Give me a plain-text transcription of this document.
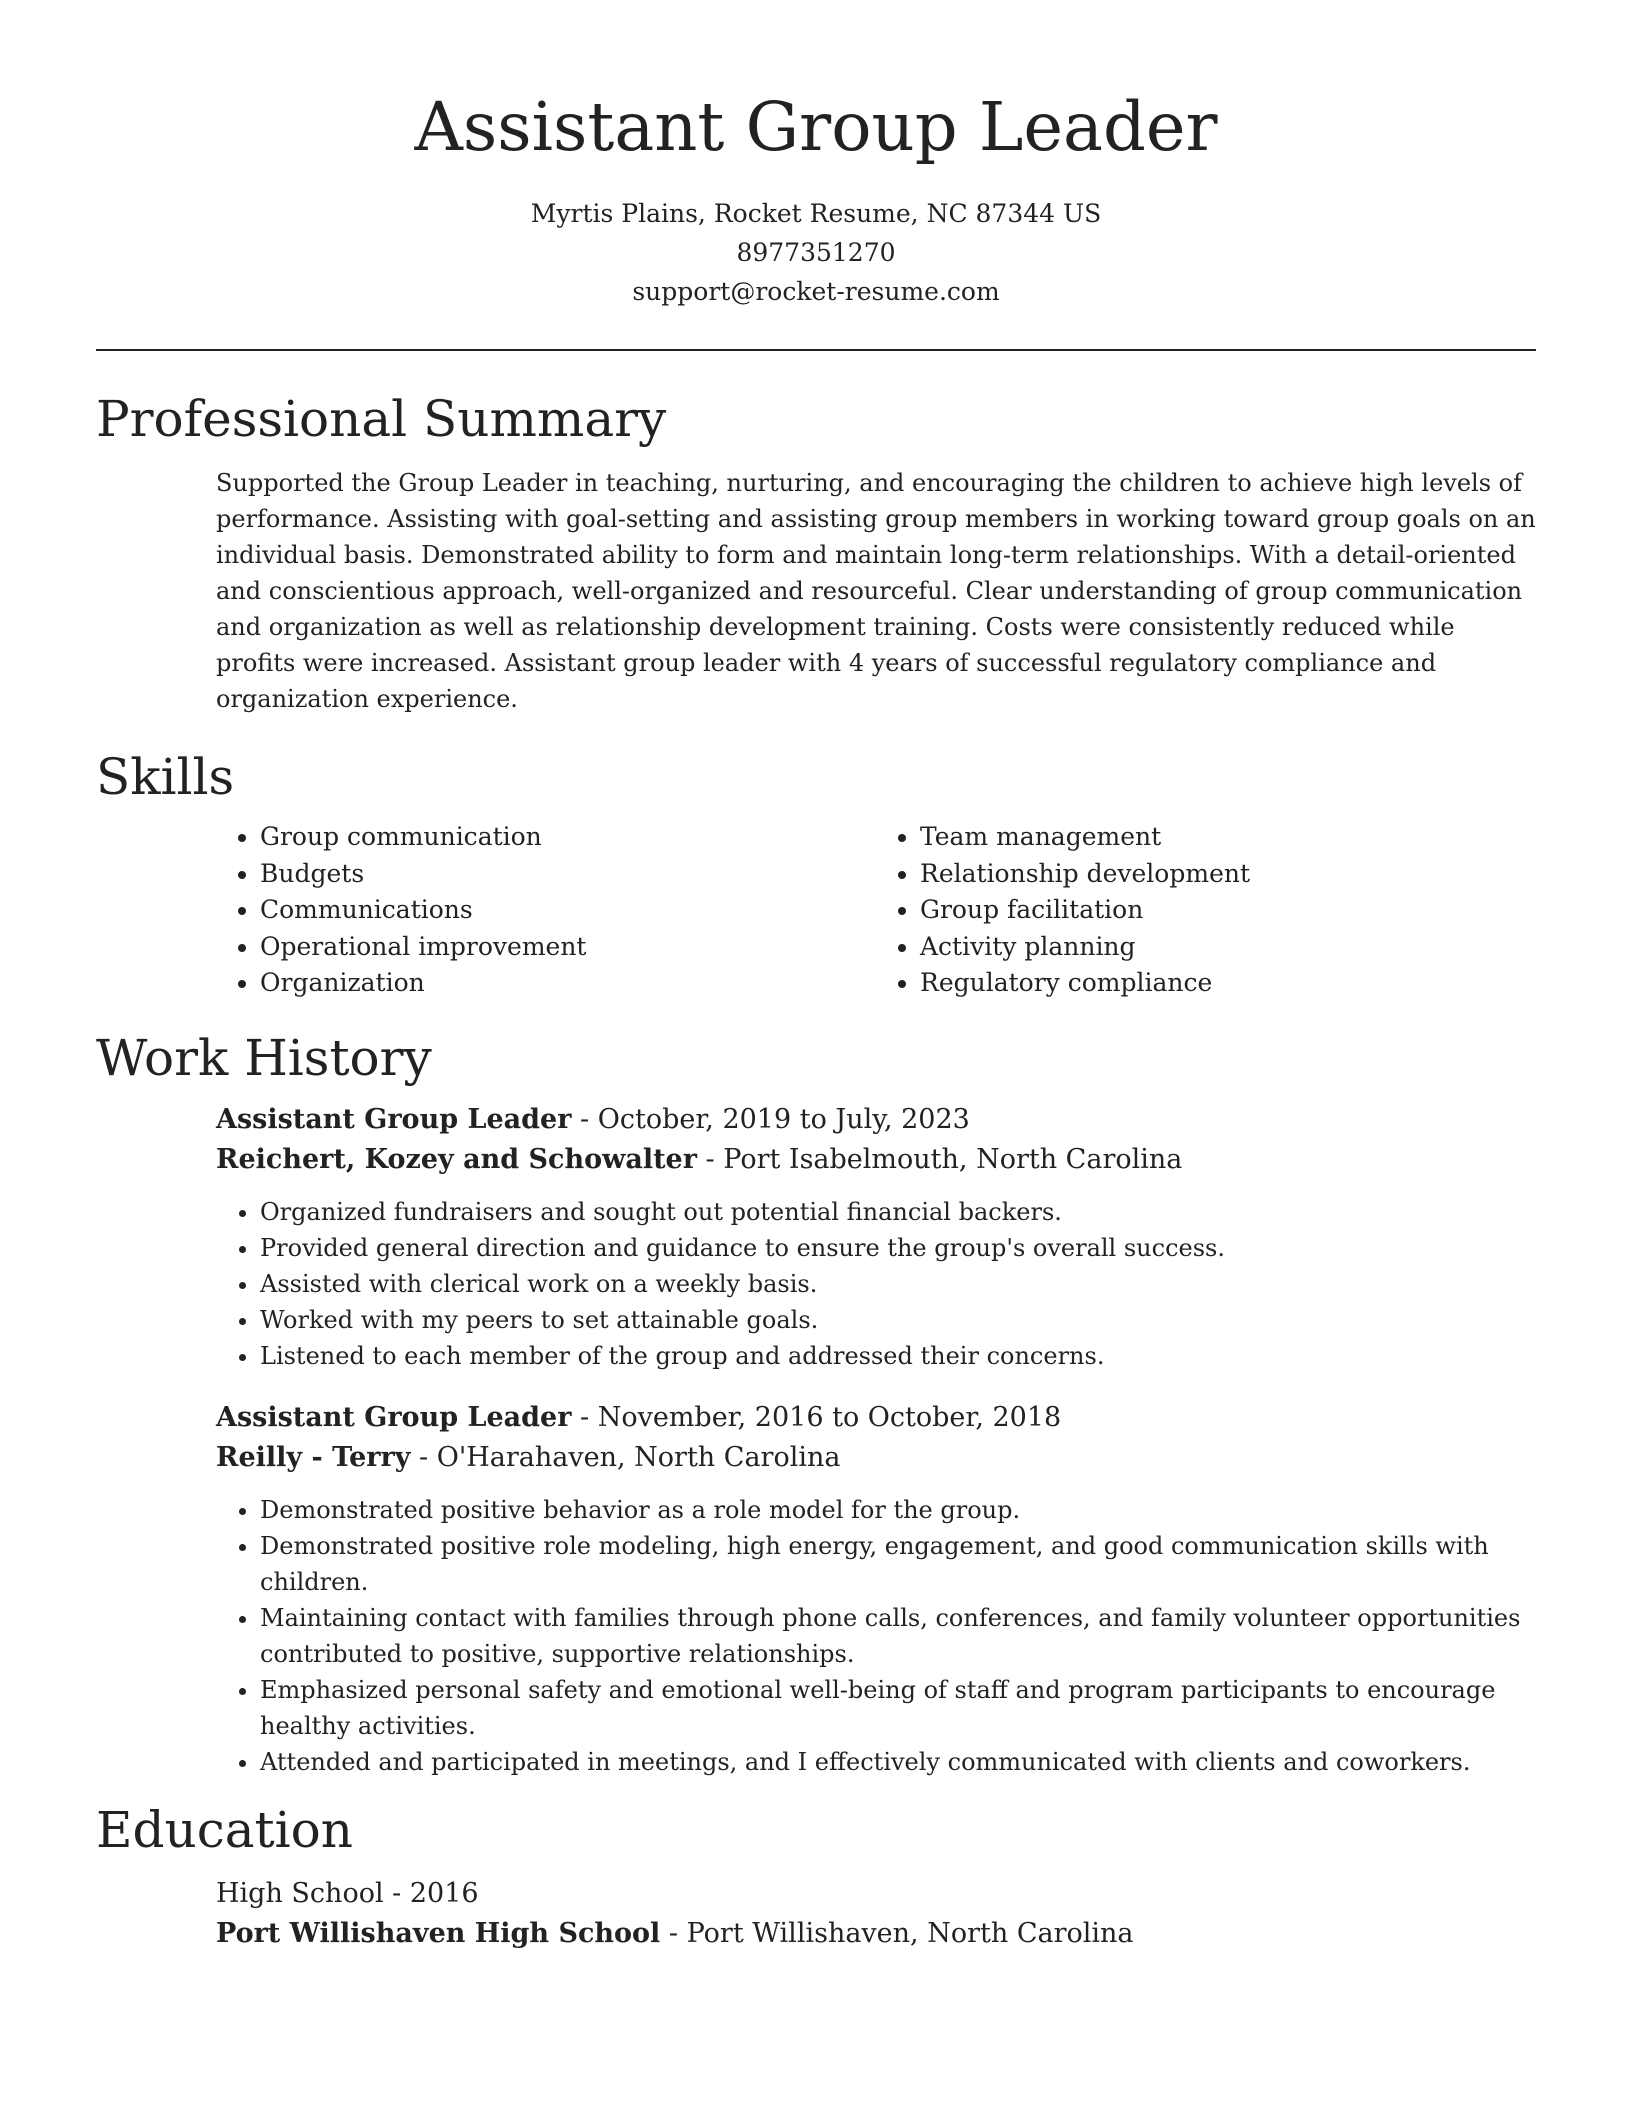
Assistant Group Leader
Myrtis Plains, Rocket Resume, NC 87344 US
8977351270
support@rocket-resume.com
Professional Summary

Supported the Group Leader in teaching, nurturing, and encouraging the children to achieve high levels of performance. Assisting with goal-setting and assisting group members in working toward group goals on an individual basis. Demonstrated ability to form and maintain long-term relationships. With a detail-oriented and conscientious approach, well-organized and resourceful. Clear understanding of group communication and organization as well as relationship development training. Costs were consistently reduced while profits were increased. Assistant group leader with 4 years of successful regulatory compliance and organization experience.

Skills
• Group communication
• Budgets
• Communications
• Operational improvement
• Organization
• Team management
• Relationship development
• Group facilitation
• Activity planning
• Regulatory compliance
Work History
Assistant Group Leader - October, 2019 to July, 2023
Reichert, Kozey and Schowalter - Port Isabelmouth, North Carolina
• Organized fundraisers and sought out potential financial backers.
• Provided general direction and guidance to ensure the group's overall success.
• Assisted with clerical work on a weekly basis.
• Worked with my peers to set attainable goals.
• Listened to each member of the group and addressed their concerns.
Assistant Group Leader - November, 2016 to October, 2018
Reilly - Terry - O'Harahaven, North Carolina
• Demonstrated positive behavior as a role model for the group.
• Demonstrated positive role modeling, high energy, engagement, and good communication skills with children.
• Maintaining contact with families through phone calls, conferences, and family volunteer opportunities contributed to positive, supportive relationships.
• Emphasized personal safety and emotional well-being of staff and program participants to encourage healthy activities.
• Attended and participated in meetings, and I effectively communicated with clients and coworkers.
Education
High School - 2016
Port Willishaven High School - Port Willishaven, North Carolina
